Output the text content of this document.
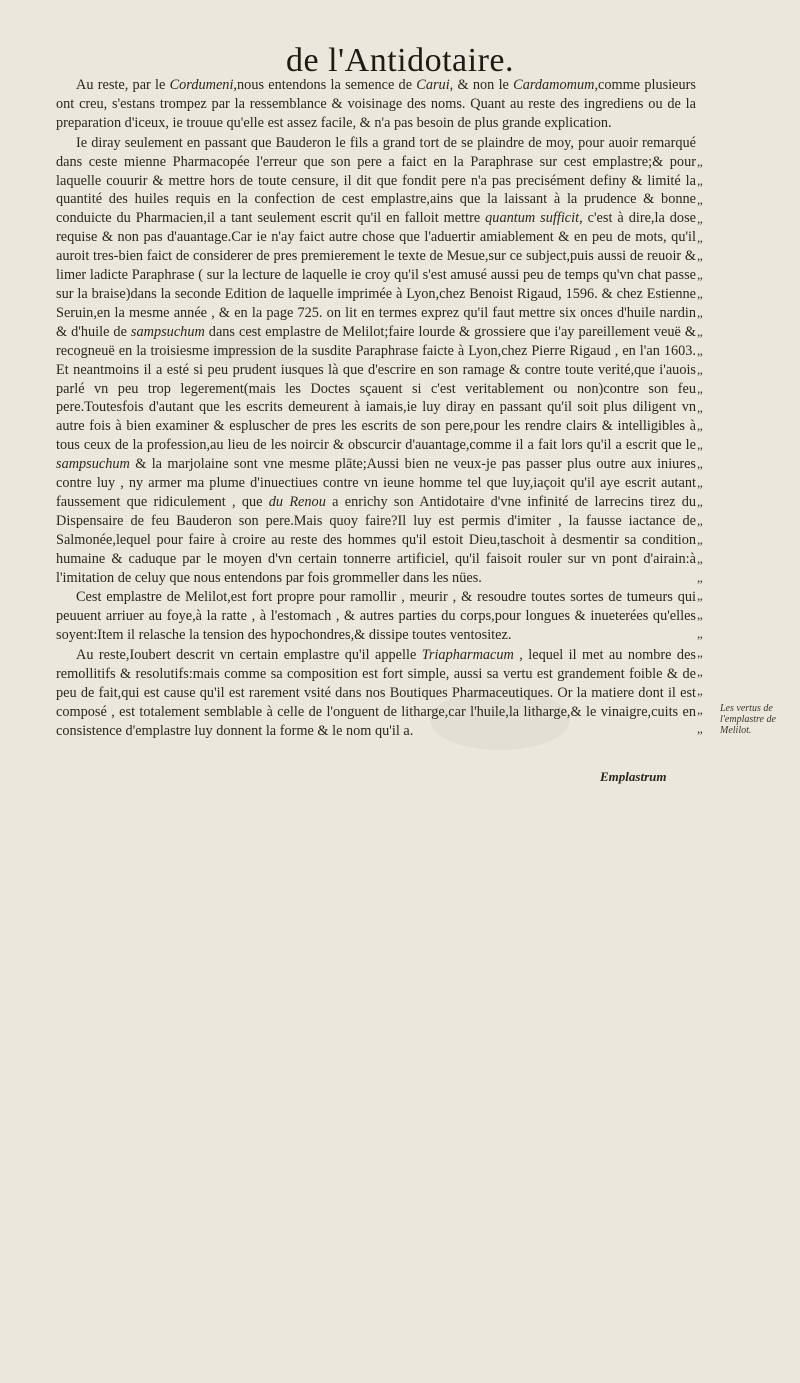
de l'Antidotaire.

Au reste, par le Cordumeni,nous entendons la semence de Carui, & non le Cardamomum,comme plusieurs ont creu, s'estans trompez par la ressemblance & voisinage des noms. Quant au reste des ingrediens ou de la preparation d'iceux, ie trouue qu'elle est assez facile, & n'a pas besoin de plus grande explication.

Ie diray seulement en passant que Bauderon le fils a grand tort de se plaindre de moy, pour auoir remarqué dans ceste mienne Pharmacopée l'erreur que son pere a faict en la Paraphrase sur cest emplastre;& pour laquelle couurir & mettre hors de toute censure, il dit que fondit pere n'a pas precisément definy & limité la quantité des huiles requis en la confection de cest emplastre,ains que la laissant à la prudence & bonne conduicte du Pharmacien,il a tant seulement escrit qu'il en falloit mettre quantum sufficit, c'est à dire,la dose requise & non pas d'auantage.Car ie n'ay faict autre chose que l'aduertir amiablement & en peu de mots, qu'il auroit tres-bien faict de considerer de pres premierement le texte de Mesue,sur ce subject,puis aussi de reuoir & limer ladicte Paraphrase ( sur la lecture de laquelle ie croy qu'il s'est amusé aussi peu de temps qu'vn chat passe sur la braise)dans la seconde Edition de laquelle imprimée à Lyon,chez Benoist Rigaud, 1596. & chez Estienne Seruin,en la mesme année , & en la page 725. on lit en termes exprez qu'il faut mettre six onces d'huile nardin & d'huile de sampsuchum dans cest emplastre de Melilot;faire lourde & grossiere que i'ay pareillement veuë & recogneuë en la troisiesme impression de la susdite Paraphrase faicte à Lyon,chez Pierre Rigaud , en l'an 1603. Et neantmoins il a esté si peu prudent iusques là que d'escrire en son ramage & contre toute verité,que i'auois parlé vn peu trop legerement(mais les Doctes sçauent si c'est veritablement ou non)contre son feu pere.Toutesfois d'autant que les escrits demeurent à iamais,ie luy diray en passant qu'il soit plus diligent vn autre fois à bien examiner & espluscher de pres les escrits de son pere,pour les rendre clairs & intelligibles à tous ceux de la profession,au lieu de les noircir & obscurcir d'auantage,comme il a fait lors qu'il a escrit que le sampsuchum & la marjolaine sont vne mesme plāte;Aussi bien ne veux-je pas passer plus outre aux iniures contre luy , ny armer ma plume d'inuectiues contre vn ieune homme tel que luy,iaçoit qu'il aye escrit autant faussement que ridiculement , que du Renou a enrichy son Antidotaire d'vne infinité de larrecins tirez du Dispensaire de feu Bauderon son pere.Mais quoy faire?Il luy est permis d'imiter , la fausse iactance de Salmonée,lequel pour faire à croire au reste des hommes qu'il estoit Dieu,taschoit à desmentir sa condition humaine & caduque par le moyen d'vn certain tonnerre artificiel, qu'il faisoit rouler sur vn pont d'airain:à l'imitation de celuy que nous entendons par fois grommeller dans les nües.

Cest emplastre de Melilot,est fort propre pour ramollir , meurir , & resoudre toutes sortes de tumeurs qui peuuent arriuer au foye,à la ratte , à l'estomach , & autres parties du corps,pour longues & inueterées qu'elles soyent:Item il relasche la tension des hypochondres,& dissipe toutes ventositez.

Au reste,Ioubert descrit vn certain emplastre qu'il appelle Triapharmacum , lequel il met au nombre des remollitifs & resolutifs:mais comme sa composition est fort simple, aussi sa vertu est grandement foible & de peu de fait,qui est cause qu'il est rarement vsité dans nos Boutiques Pharmaceutiques. Or la matiere dont il est composé , est totalement semblable à celle de l'onguent de litharge,car l'huile,la litharge,& le vinaigre,cuits en consistence d'emplastre luy donnent la forme & le nom qu'il a.

„
„
„
„
„
„
„
„
„
„
„
„
„
„
„
„
„
„
„
„
„
„
„
„
„
„
„
„
„
„
„
Les vertus de l'emplastre de Melilot.
Emplastrum
